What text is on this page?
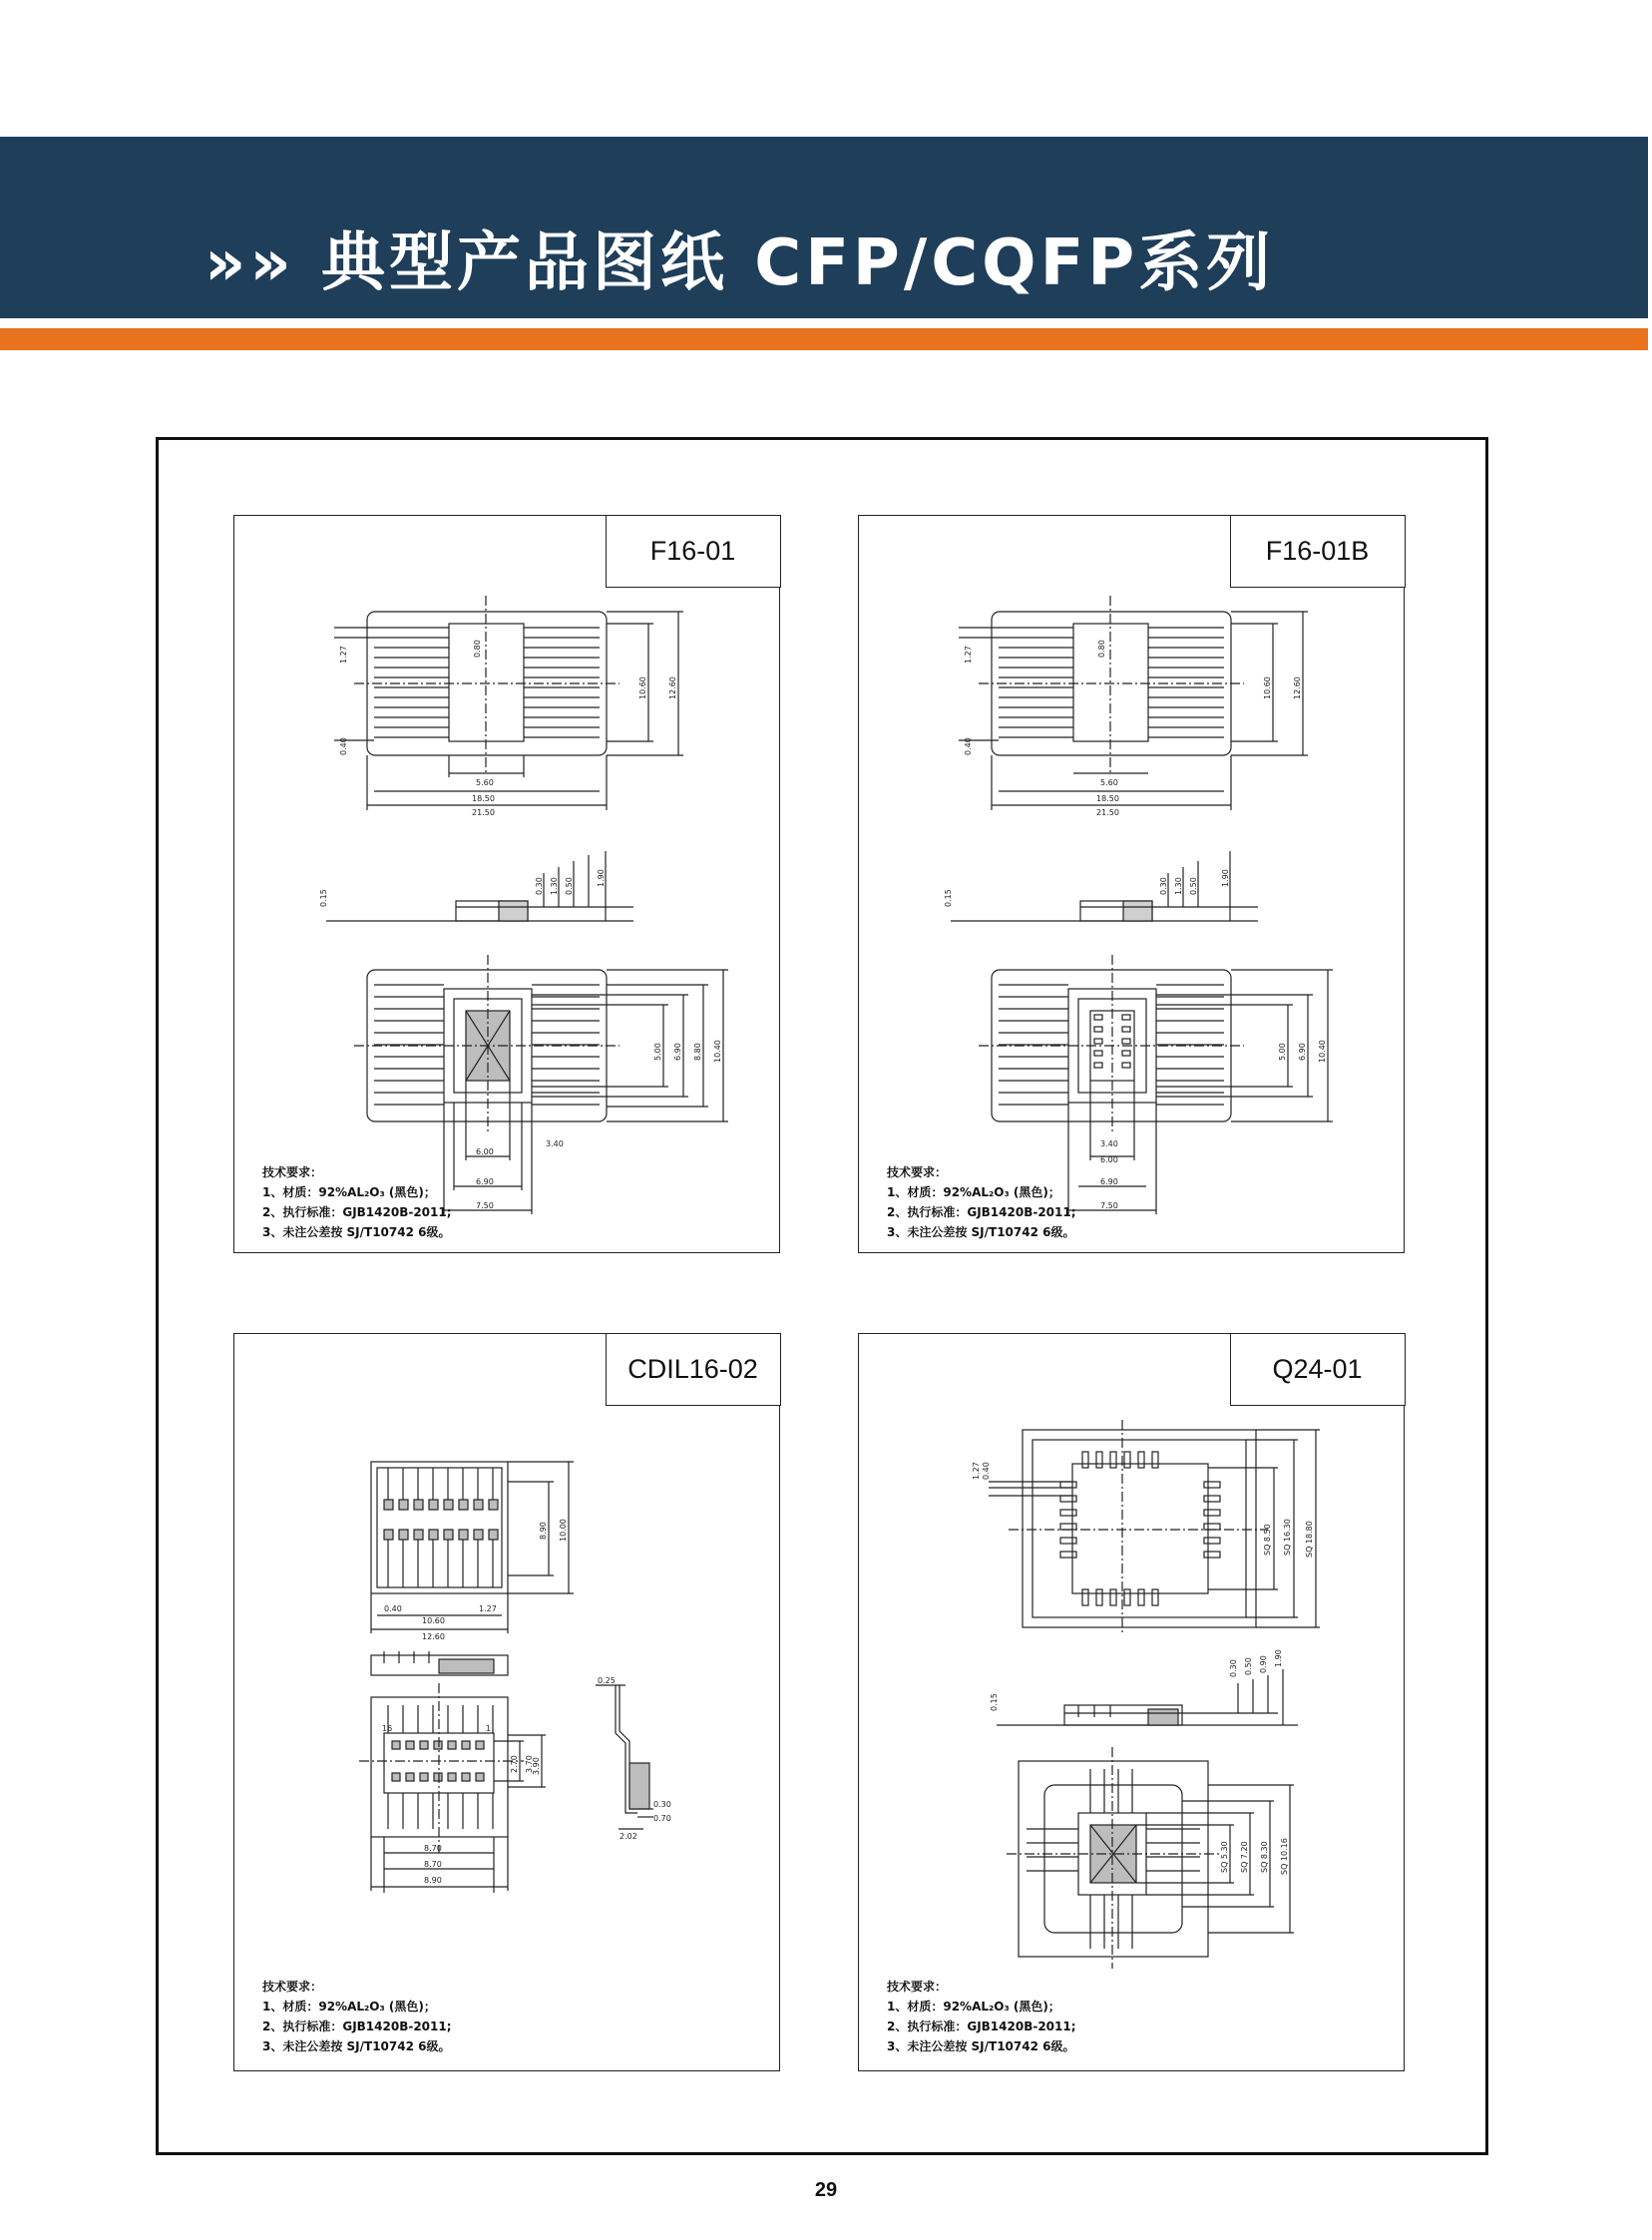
»» 典型产品图纸 CFP/CQFP系列
F16-01
1.27	0.80
0.40
5.60
18.50
21.50
10.60	12.60
0.15
0.30 1.30 0.50	1.90
5.00 6.90 8.80 10.40
3.40
6.00
6.90
7.50
技术要求：
1、材质：92%AL₂O₃ (黑色)；
2、执行标准：GJB1420B-2011;
3、未注公差按 SJ/T10742 6级。
F16-01B
1.27	0.80
0.40
5.60
18.50
21.50
10.60	12.60
0.15
0.30 1.30 0.50	1.90
5.00 6.90 10.40
3.40
6.00
6.90
7.50
技术要求：
1、材质：92%AL₂O₃ (黑色)；
2、执行标准：GJB1420B-2011;
3、未注公差按 SJ/T10742 6级。
CDIL16-02
0.40	1.27
10.60
12.60
8.90 10.00
0.25
2.70 3.70
3.90
0.30
0.70
2.02
8.70
8.70
8.90
16	1
技术要求：
1、材质：92%AL₂O₃ (黑色)；
2、执行标准：GJB1420B-2011;
3、未注公差按 SJ/T10742 6级。
Q24-01
1.27 0.40
SQ 8.50 SQ 16.30 SQ 18.80
0.15
0.30 0.50 0.90 1.90
SQ 5.30 SQ 7.20 SQ 8.30 SQ 10.16
技术要求：
1、材质：92%AL₂O₃ (黑色)；
2、执行标准：GJB1420B-2011;
3、未注公差按 SJ/T10742 6级。
29
